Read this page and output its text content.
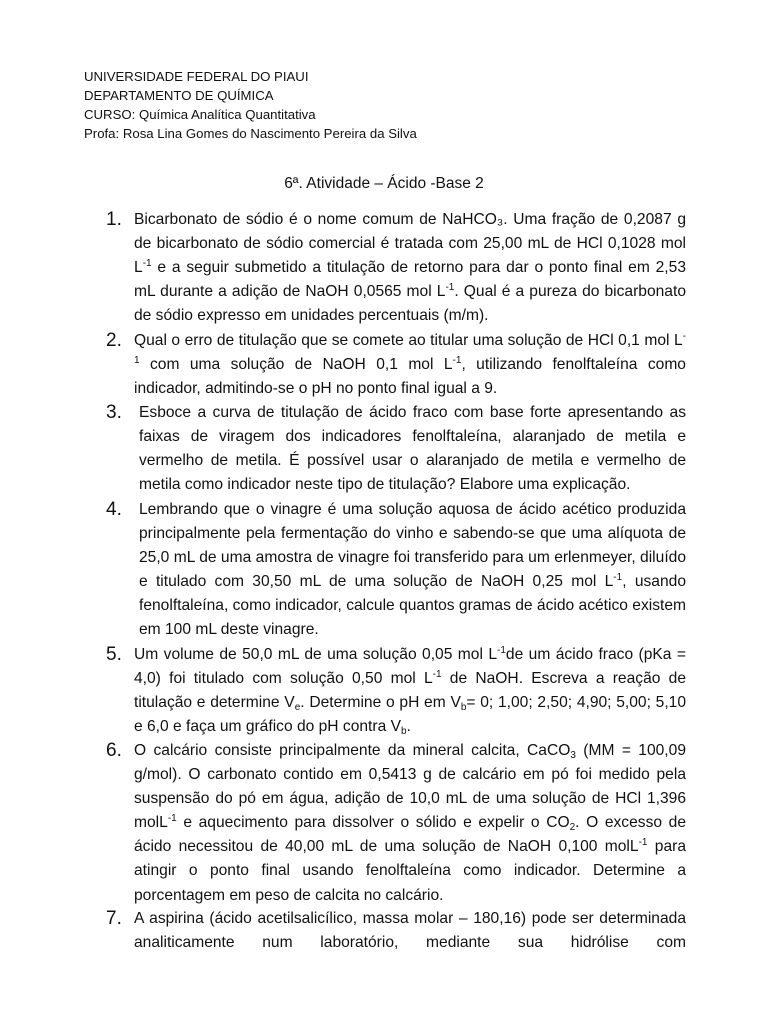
UNIVERSIDADE FEDERAL DO PIAUI
DEPARTAMENTO DE QUÍMICA
CURSO: Química Analítica Quantitativa
Profa: Rosa Lina Gomes do Nascimento Pereira da Silva
6ª. Atividade – Ácido -Base 2
1. Bicarbonato de sódio é o nome comum de NaHCO₃. Uma fração de 0,2087 g de bicarbonato de sódio comercial é tratada com 25,00 mL de HCl 0,1028 mol $L^{-1}$ e a seguir submetido a titulação de retorno para dar o ponto final em 2,53 mL durante a adição de NaOH 0,0565 mol $L^{-1}$. Qual é a pureza do bicarbonato de sódio expresso em unidades percentuais (m/m).
2. Qual o erro de titulação que se comete ao titular uma solução de HCl 0,1 mol $L^{-1}$ com uma solução de NaOH 0,1 mol $L^{-1}$, utilizando fenolftaleína como indicador, admitindo-se o pH no ponto final igual a 9.
3. Esboce a curva de titulação de ácido fraco com base forte apresentando as faixas de viragem dos indicadores fenolftaleína, alaranjado de metila e vermelho de metila. É possível usar o alaranjado de metila e vermelho de metila como indicador neste tipo de titulação? Elabore uma explicação.
4. Lembrando que o vinagre é uma solução aquosa de ácido acético produzida principalmente pela fermentação do vinho e sabendo-se que uma alíquota de 25,0 mL de uma amostra de vinagre foi transferido para um erlenmeyer, diluído e titulado com 30,50 mL de uma solução de NaOH 0,25 mol $L^{-1}$, usando fenolftaleína, como indicador, calcule quantos gramas de ácido acético existem em 100 mL deste vinagre.
5. Um volume de 50,0 mL de uma solução 0,05 mol $L^{-1}de$ um ácido fraco (pKa = 4,0) foi titulado com solução 0,50 mol $L^{-1}$ de NaOH. Escreva a reação de titulação e determine $V_e$. Determine o pH em $V_b= 0$; 1,00; 2,50; 4,90; 5,00; 5,10 e 6,0 e faça um gráfico do pH contra $V_b$.
6. O calcário consiste principalmente da mineral calcita, CaCO$_3$ (MM = 100,09 g/mol). O carbonato contido em 0,5413 g de calcário em pó foi medido pela suspensão do pó em água, adição de 10,0 mL de uma solução de HCl 1,396 molL$^{-1}$ e aquecimento para dissolver o sólido e expelir o $CO_2$. O excesso de ácido necessitou de 40,00 mL de uma solução de NaOH 0,100 molL$^{-1}$ para atingir o ponto final usando fenolftaleína como indicador. Determine a porcentagem em peso de calcita no calcário.
7. A aspirina (ácido acetilsalicílico, massa molar – 180,16) pode ser determinada analiticamente num laboratório, mediante sua hidrólise com
